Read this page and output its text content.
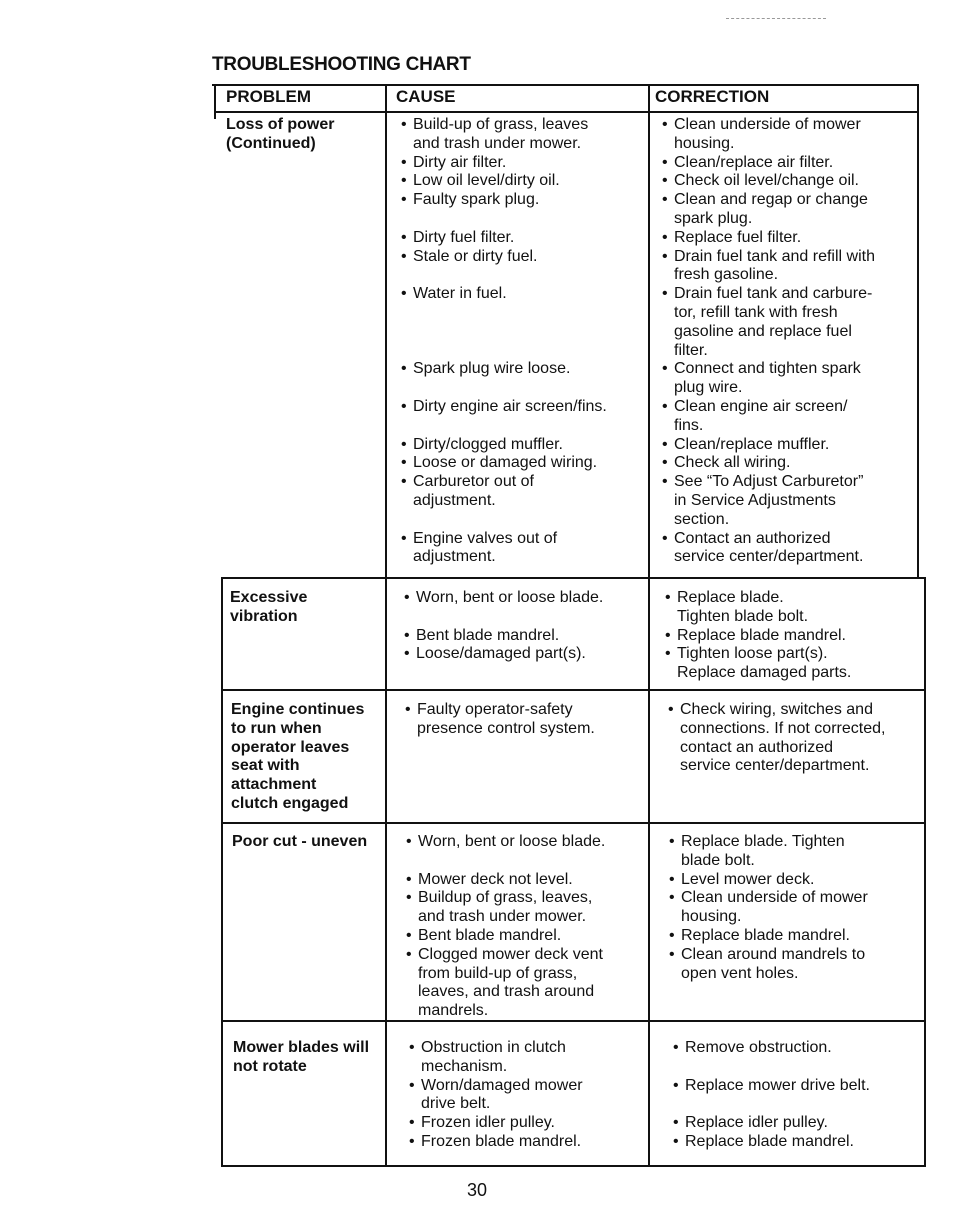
TROUBLESHOOTING CHART
PROBLEM	CAUSE	CORRECTION
Loss of power
(Continued)
• Build-up of grass, leaves
and trash under mower.
• Dirty air filter.
• Low oil level/dirty oil.
• Faulty spark plug.
• Dirty fuel filter.
• Stale or dirty fuel.
• Water in fuel.
• Spark plug wire loose.
• Dirty engine air screen/fins.
• Dirty/clogged muffler.
• Loose or damaged wiring.
• Carburetor out of
adjustment.
• Engine valves out of
adjustment.
• Clean underside of mower
housing.
• Clean/replace air filter.
• Check oil level/change oil.
• Clean and regap or change
spark plug.
• Replace fuel filter.
• Drain fuel tank and refill with
fresh gasoline.
• Drain fuel tank and carbure-
tor, refill tank with fresh
gasoline and replace fuel
filter.
• Connect and tighten spark
plug wire.
• Clean engine air screen/
fins.
• Clean/replace muffler.
• Check all wiring.
• See “To Adjust Carburetor”
in Service Adjustments
section.
• Contact an authorized
service center/department.
Excessive
vibration
• Worn, bent or loose blade.
• Bent blade mandrel.
• Loose/damaged part(s).
• Replace blade.
Tighten blade bolt.
• Replace blade mandrel.
• Tighten loose part(s).
Replace damaged parts.
Engine continues
to run when
operator leaves
seat with
attachment
clutch engaged
• Faulty operator-safety
presence control system.
• Check wiring, switches and
connections. If not corrected,
contact an authorized
service center/department.
Poor cut - uneven
•	Worn, bent or loose blade.
• Mower deck not level.
• Buildup of grass, leaves,
and trash under mower.
• Bent blade mandrel.
• Clogged mower deck vent
from build-up of grass,
leaves, and trash around
mandrels.
• Replace blade. Tighten
blade bolt.
• Level mower deck.
• Clean underside of mower
housing.
• Replace blade mandrel.
• Clean around mandrels to
open vent holes.
Mower blades will
not rotate
• Obstruction in clutch
mechanism.
• Worn/damaged mower
drive belt.
• Frozen idler pulley.
• Frozen blade mandrel.
• Remove obstruction.
• Replace mower drive belt.
• Replace idler pulley.
• Replace blade mandrel.
30
